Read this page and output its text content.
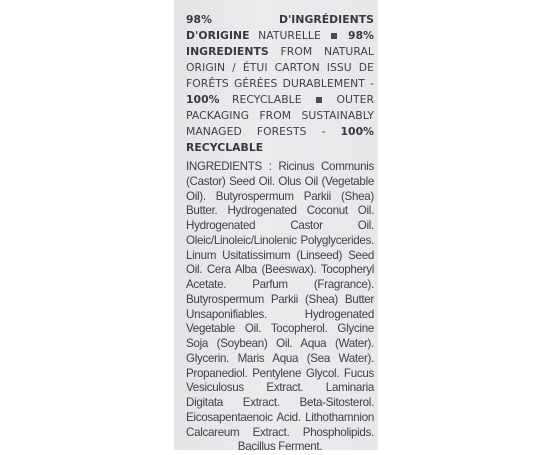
98% D'INGRÉDIENTS D'ORIGINE NATURELLE	98% INGREDIENTS FROM NATURAL ORIGIN / ÉTUI CARTON ISSU DE FORÊTS GÉRÉES DURABLEMENT - 100% RECYCLABLE	OUTER PACKAGING FROM SUSTAINABLY MANAGED FORESTS - 100% RECYCLABLE
INGREDIENTS : Ricinus Communis (Castor) Seed Oil. Olus Oil (Vegetable Oil). Butyrospermum Parkii (Shea) Butter. Hydrogenated Coconut Oil. Hydrogenated Castor Oil. Oleic/Linoleic/Linolenic Polyglycerides. Linum Usitatissimum (Linseed) Seed Oil. Cera Alba (Beeswax). Tocopheryl Acetate. Parfum (Fragrance). Butyrospermum Parkii (Shea) Butter Unsaponifiables. Hydrogenated Vegetable Oil. Tocopherol. Glycine Soja (Soybean) Oil. Aqua (Water). Glycerin. Maris Aqua (Sea Water). Propanediol. Pentylene Glycol. Fucus Vesiculosus Extract. Laminaria Digitata Extract. Beta-Sitosterol. Eicosapentaenoic Acid. Lithothamnion Calcareum Extract. Phospholipids. Bacillus Ferment.
